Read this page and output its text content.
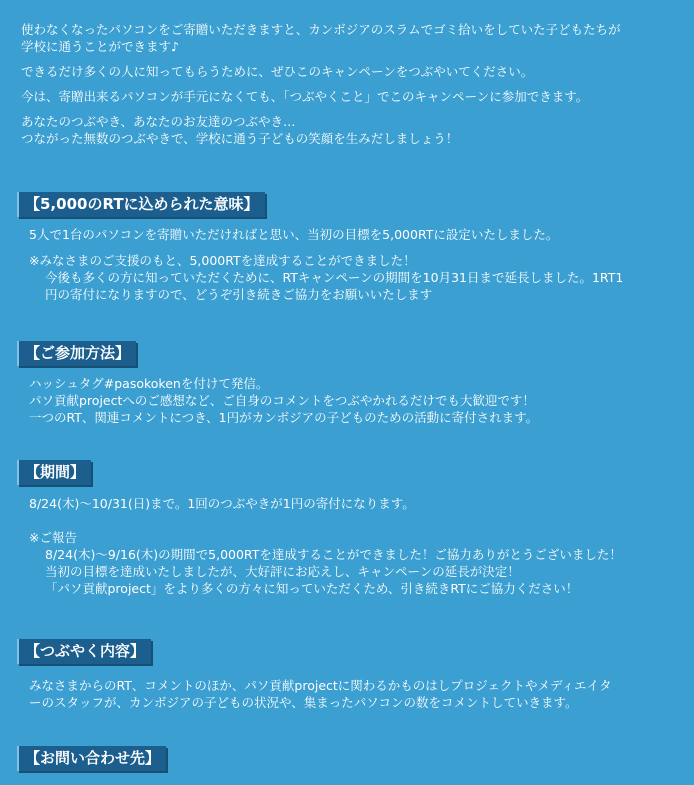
使わなくなったパソコンをご寄贈いただきますと、カンボジアのスラムでゴミ拾いをしていた子どもたちが
学校に通うことができます♪

できるだけ多くの人に知ってもらうために、ぜひこのキャンペーンをつぶやいてください。

今は、寄贈出来るパソコンが手元になくても、「つぶやくこと」でこのキャンペーンに参加できます。

あなたのつぶやき、あなたのお友達のつぶやき…
つながった無数のつぶやきで、学校に通う子どもの笑顔を生みだしましょう！

【5,000のRTに込められた意味】

5人で1台のパソコンを寄贈いただければと思い、当初の目標を5,000RTに設定いたしました。

※みなさまのご支援のもと、5,000RTを達成することができました！

今後も多くの方に知っていただくために、RTキャンペーンの期間を10月31日まで延長しました。1RT1
円の寄付になりますので、どうぞ引き続きご協力をお願いいたします

【ご参加方法】

ハッシュタグ#pasokokenを付けて発信。
パソ貢献projectへのご感想など、ご自身のコメントをつぶやかれるだけでも大歓迎です！
一つのRT、関連コメントにつき、1円がカンボジアの子どものための活動に寄付されます。

【期間】

8/24(木)～10/31(日)まで。1回のつぶやきが1円の寄付になります。

※ご報告

8/24(木)～9/16(木)の期間で5,000RTを達成することができました！ご協力ありがとうございました！
当初の目標を達成いたしましたが、大好評にお応えし、キャンペーンの延長が決定！
「パソ貢献project」をより多くの方々に知っていただくため、引き続きRTにご協力ください！

【つぶやく内容】

みなさまからのRT、コメントのほか、パソ貢献projectに関わるかものはしプロジェクトやメディエイタ
ーのスタッフが、カンボジアの子どもの状況や、集まったパソコンの数をコメントしていきます。

【お問い合わせ先】
